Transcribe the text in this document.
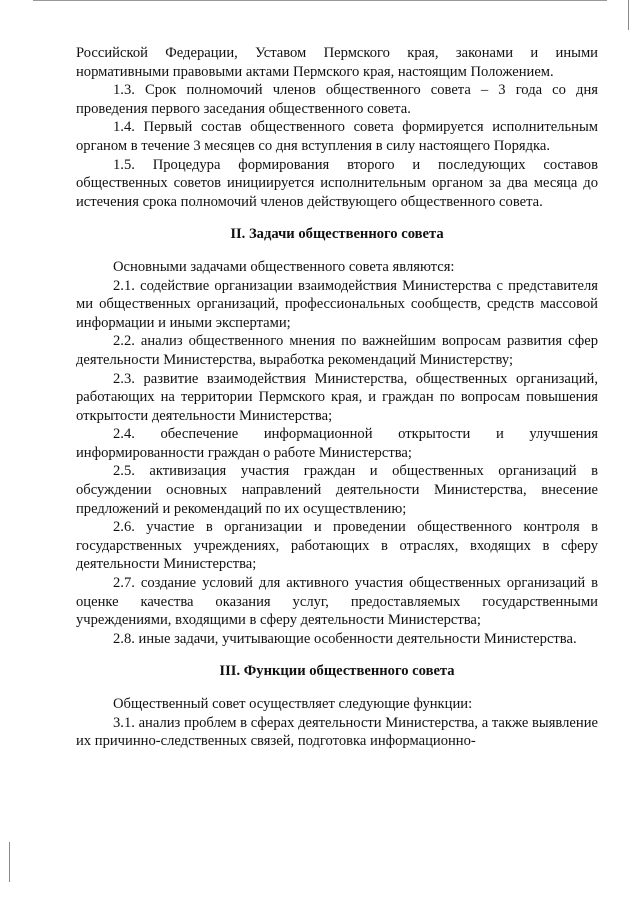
Российской Федерации, Уставом Пермского края, законами и иными нормативными правовыми актами Пермского края, настоящим Положением.

1.3. Срок полномочий членов общественного совета – 3 года со дня проведения первого заседания общественного совета.

1.4. Первый состав общественного совета формируется исполнительным органом в течение 3 месяцев со дня вступления в силу настоящего Порядка.

1.5. Процедура формирования второго и последующих составов общественных советов инициируется исполнительным органом за два месяца до истечения срока полномочий членов действующего общественного совета.

II. Задачи общественного совета

Основными задачами общественного совета являются:

2.1. содействие организации взаимодействия Министерства с представителя ми общественных организаций, профессиональных сообществ, средств массовой информации и иными экспертами;

2.2. анализ общественного мнения по важнейшим вопросам развития сфер деятельности Министерства, выработка рекомендаций Министерству;

2.3. развитие взаимодействия Министерства, общественных организаций, работающих на территории Пермского края, и граждан по вопросам повышения открытости деятельности Министерства;

2.4. обеспечение информационной открытости и улучшения информированности граждан о работе Министерства;

2.5. активизация участия граждан и общественных организаций в обсуждении основных направлений деятельности Министерства, внесение предложений и рекомендаций по их осуществлению;

2.6. участие в организации и проведении общественного контроля в государственных учреждениях, работающих в отраслях, входящих в сферу деятельности Министерства;

2.7. создание условий для активного участия общественных организаций в оценке качества оказания услуг, предоставляемых государственными учреждениями, входящими в сферу деятельности Министерства;

2.8. иные задачи, учитывающие особенности деятельности Министерства.

III. Функции общественного совета

Общественный совет осуществляет следующие функции:

3.1. анализ проблем в сферах деятельности Министерства, а также выявление их причинно-следственных связей, подготовка информационно-
